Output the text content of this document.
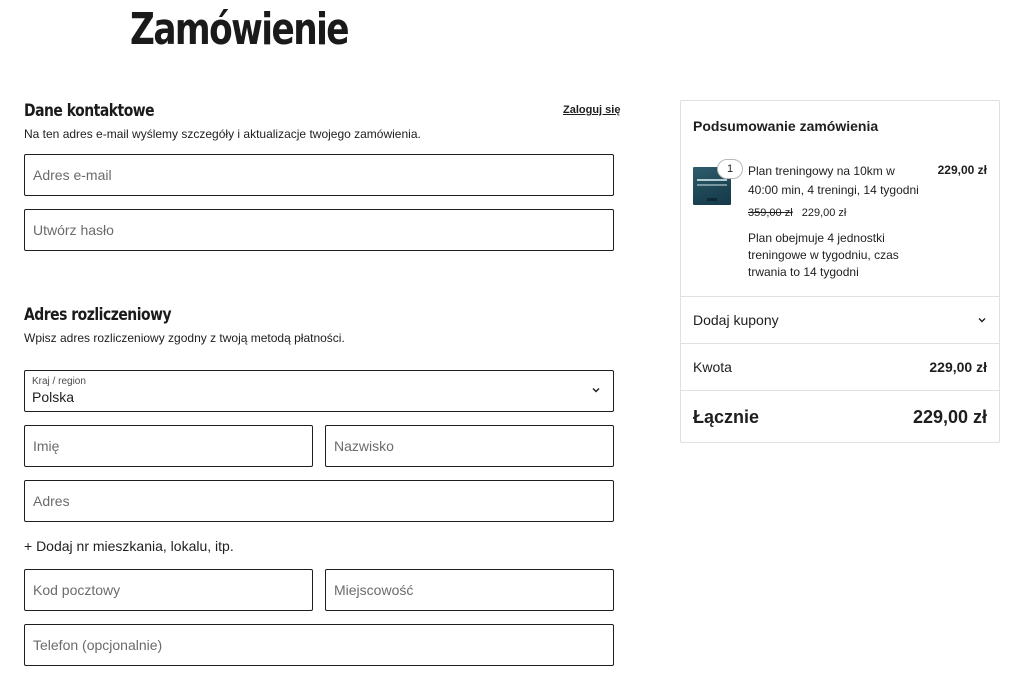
Zamówienie
Dane kontaktowe	Zaloguj się
Na ten adres e-mail wyślemy szczegóły i aktualizacje twojego zamówienia.
Adres e-mail
Utwórz hasło
Adres rozliczeniowy
Wpisz adres rozliczeniowy zgodny z twoją metodą płatności.
Kraj / region
Polska
Imię	Nazwisko
Adres
+ Dodaj nr mieszkania, lokalu, itp.
Kod pocztowy	Miejscowość
Telefon (opcjonalnie)
Podsumowanie zamówienia
1	Plan treningowy na 10km w 40:00 min, 4 treningi, 14 tygodni
229,00 zł
359,00 zł 229,00 zł
Plan obejmuje 4 jednostki treningowe w tygodniu, czas trwania to 14 tygodni
Dodaj kupony
Kwota	229,00 zł
Łącznie	229,00 zł
